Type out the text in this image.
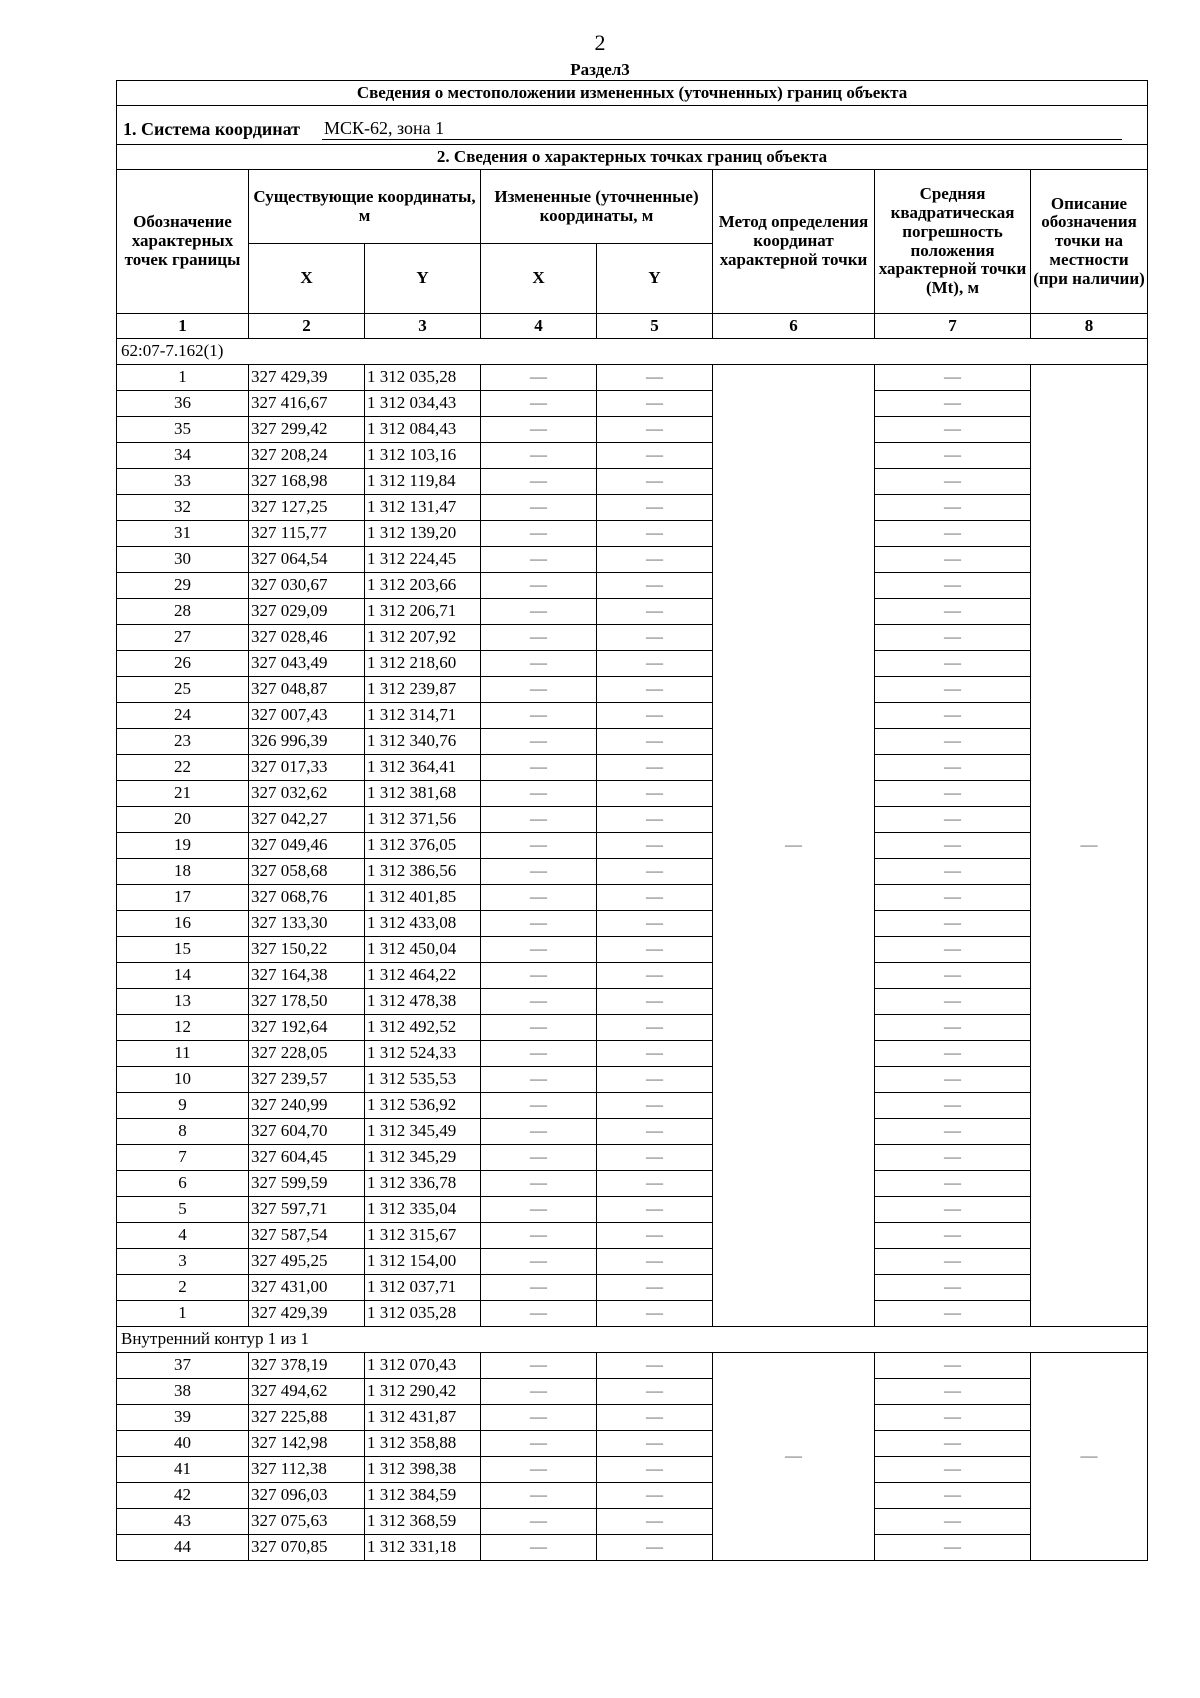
2
Раздел3
Сведения о местоположении измененных (уточненных) границ объекта							

1. Система координат МСК-62, зона 1							

2. Сведения о характерных точках границ объекта							
Обозначение характерных точек границы	Существующие координаты, м		Измененные (уточненные) координаты, м		Метод определения координат характерной точки	Средняя квадратическая погрешность положения характерной точки (Mt), м	Описание обозначения точки на местности (при наличии)
	X	Y	X	Y			
1	2	3	4	5	6	7	8
62:07-7.162(1)							
1	327 429,39	1 312 035,28	—	—	—	—	—
36	327 416,67	1 312 034,43	—	—		—	
35	327 299,42	1 312 084,43	—	—		—	
34	327 208,24	1 312 103,16	—	—		—	
33	327 168,98	1 312 119,84	—	—		—	
32	327 127,25	1 312 131,47	—	—		—	
31	327 115,77	1 312 139,20	—	—		—	
30	327 064,54	1 312 224,45	—	—		—	
29	327 030,67	1 312 203,66	—	—		—	
28	327 029,09	1 312 206,71	—	—		—	
27	327 028,46	1 312 207,92	—	—		—	
26	327 043,49	1 312 218,60	—	—		—	
25	327 048,87	1 312 239,87	—	—		—	
24	327 007,43	1 312 314,71	—	—		—	
23	326 996,39	1 312 340,76	—	—		—	
22	327 017,33	1 312 364,41	—	—		—	
21	327 032,62	1 312 381,68	—	—		—	
20	327 042,27	1 312 371,56	—	—		—	
19	327 049,46	1 312 376,05	—	—		—	
18	327 058,68	1 312 386,56	—	—		—	
17	327 068,76	1 312 401,85	—	—		—	
16	327 133,30	1 312 433,08	—	—		—	
15	327 150,22	1 312 450,04	—	—		—	
14	327 164,38	1 312 464,22	—	—		—	
13	327 178,50	1 312 478,38	—	—		—	
12	327 192,64	1 312 492,52	—	—		—	
11	327 228,05	1 312 524,33	—	—		—	
10	327 239,57	1 312 535,53	—	—		—	
9	327 240,99	1 312 536,92	—	—		—	
8	327 604,70	1 312 345,49	—	—		—	
7	327 604,45	1 312 345,29	—	—		—	
6	327 599,59	1 312 336,78	—	—		—	
5	327 597,71	1 312 335,04	—	—		—	
4	327 587,54	1 312 315,67	—	—		—	
3	327 495,25	1 312 154,00	—	—		—	
2	327 431,00	1 312 037,71	—	—		—	
1	327 429,39	1 312 035,28	—	—		—	
Внутренний контур 1 из 1							
37	327 378,19	1 312 070,43	—	—	—	—	—
38	327 494,62	1 312 290,42	—	—		—	
39	327 225,88	1 312 431,87	—	—		—	
40	327 142,98	1 312 358,88	—	—		—	
41	327 112,38	1 312 398,38	—	—		—	
42	327 096,03	1 312 384,59	—	—		—	
43	327 075,63	1 312 368,59	—	—		—	
44	327 070,85	1 312 331,18	—	—		—	
